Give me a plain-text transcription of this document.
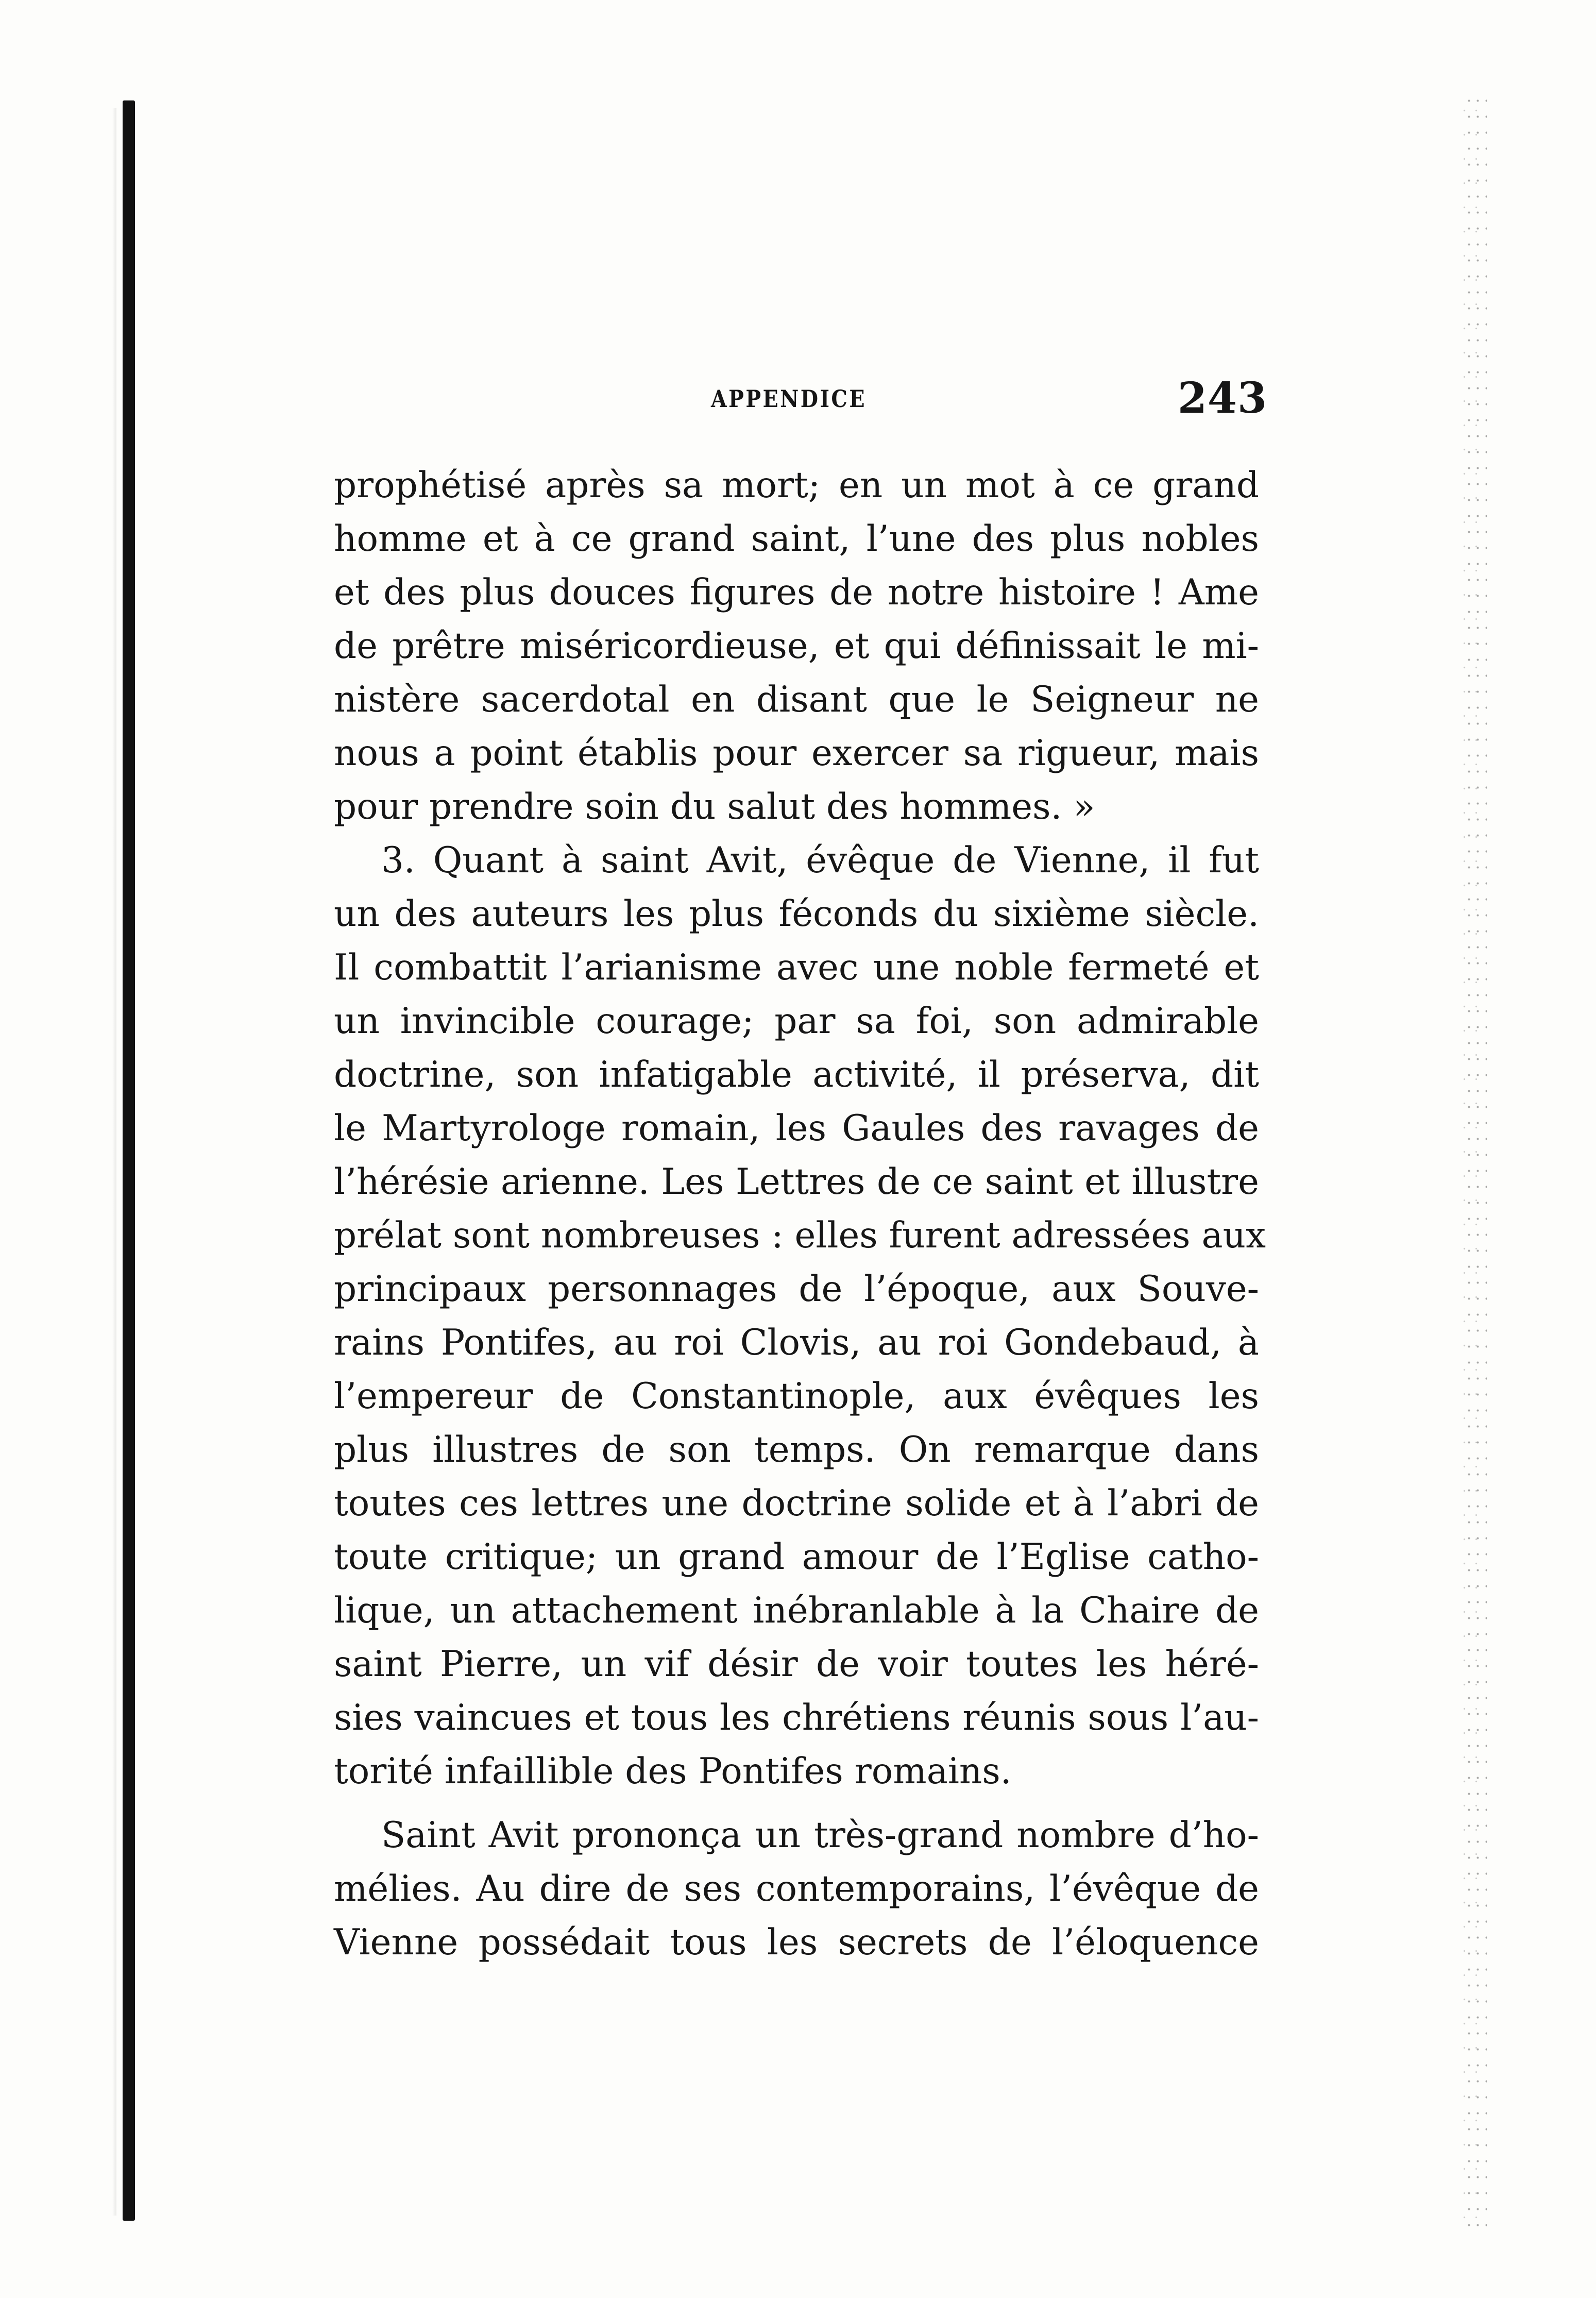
APPENDICE	243
prophétisé après sa mort; en un mot à ce grand
homme et à ce grand saint, l’une des plus nobles
et des plus douces figures de notre histoire ! Ame
de prêtre miséricordieuse, et qui définissait le mi-
nistère sacerdotal en disant que le Seigneur ne
nous a point établis pour exercer sa rigueur, mais
pour prendre soin du salut des hommes. »
3. Quant à saint Avit, évêque de Vienne, il fut
un des auteurs les plus féconds du sixième siècle.
Il combattit l’arianisme avec une noble fermeté et
un invincible courage; par sa foi, son admirable
doctrine, son infatigable activité, il préserva, dit
le Martyrologe romain, les Gaules des ravages de
l’hérésie arienne. Les Lettres de ce saint et illustre
prélat sont nombreuses : elles furent adressées aux
principaux personnages de l’époque, aux Souve-
rains Pontifes, au roi Clovis, au roi Gondebaud, à
l’empereur de Constantinople, aux évêques les
plus illustres de son temps. On remarque dans
toutes ces lettres une doctrine solide et à l’abri de
toute critique; un grand amour de l’Eglise catho-
lique, un attachement inébranlable à la Chaire de
saint Pierre, un vif désir de voir toutes les héré-
sies vaincues et tous les chrétiens réunis sous l’au-
torité infaillible des Pontifes romains.
Saint Avit prononça un très-grand nombre d’ho-
mélies. Au dire de ses contemporains, l’évêque de
Vienne possédait tous les secrets de l’éloquence
